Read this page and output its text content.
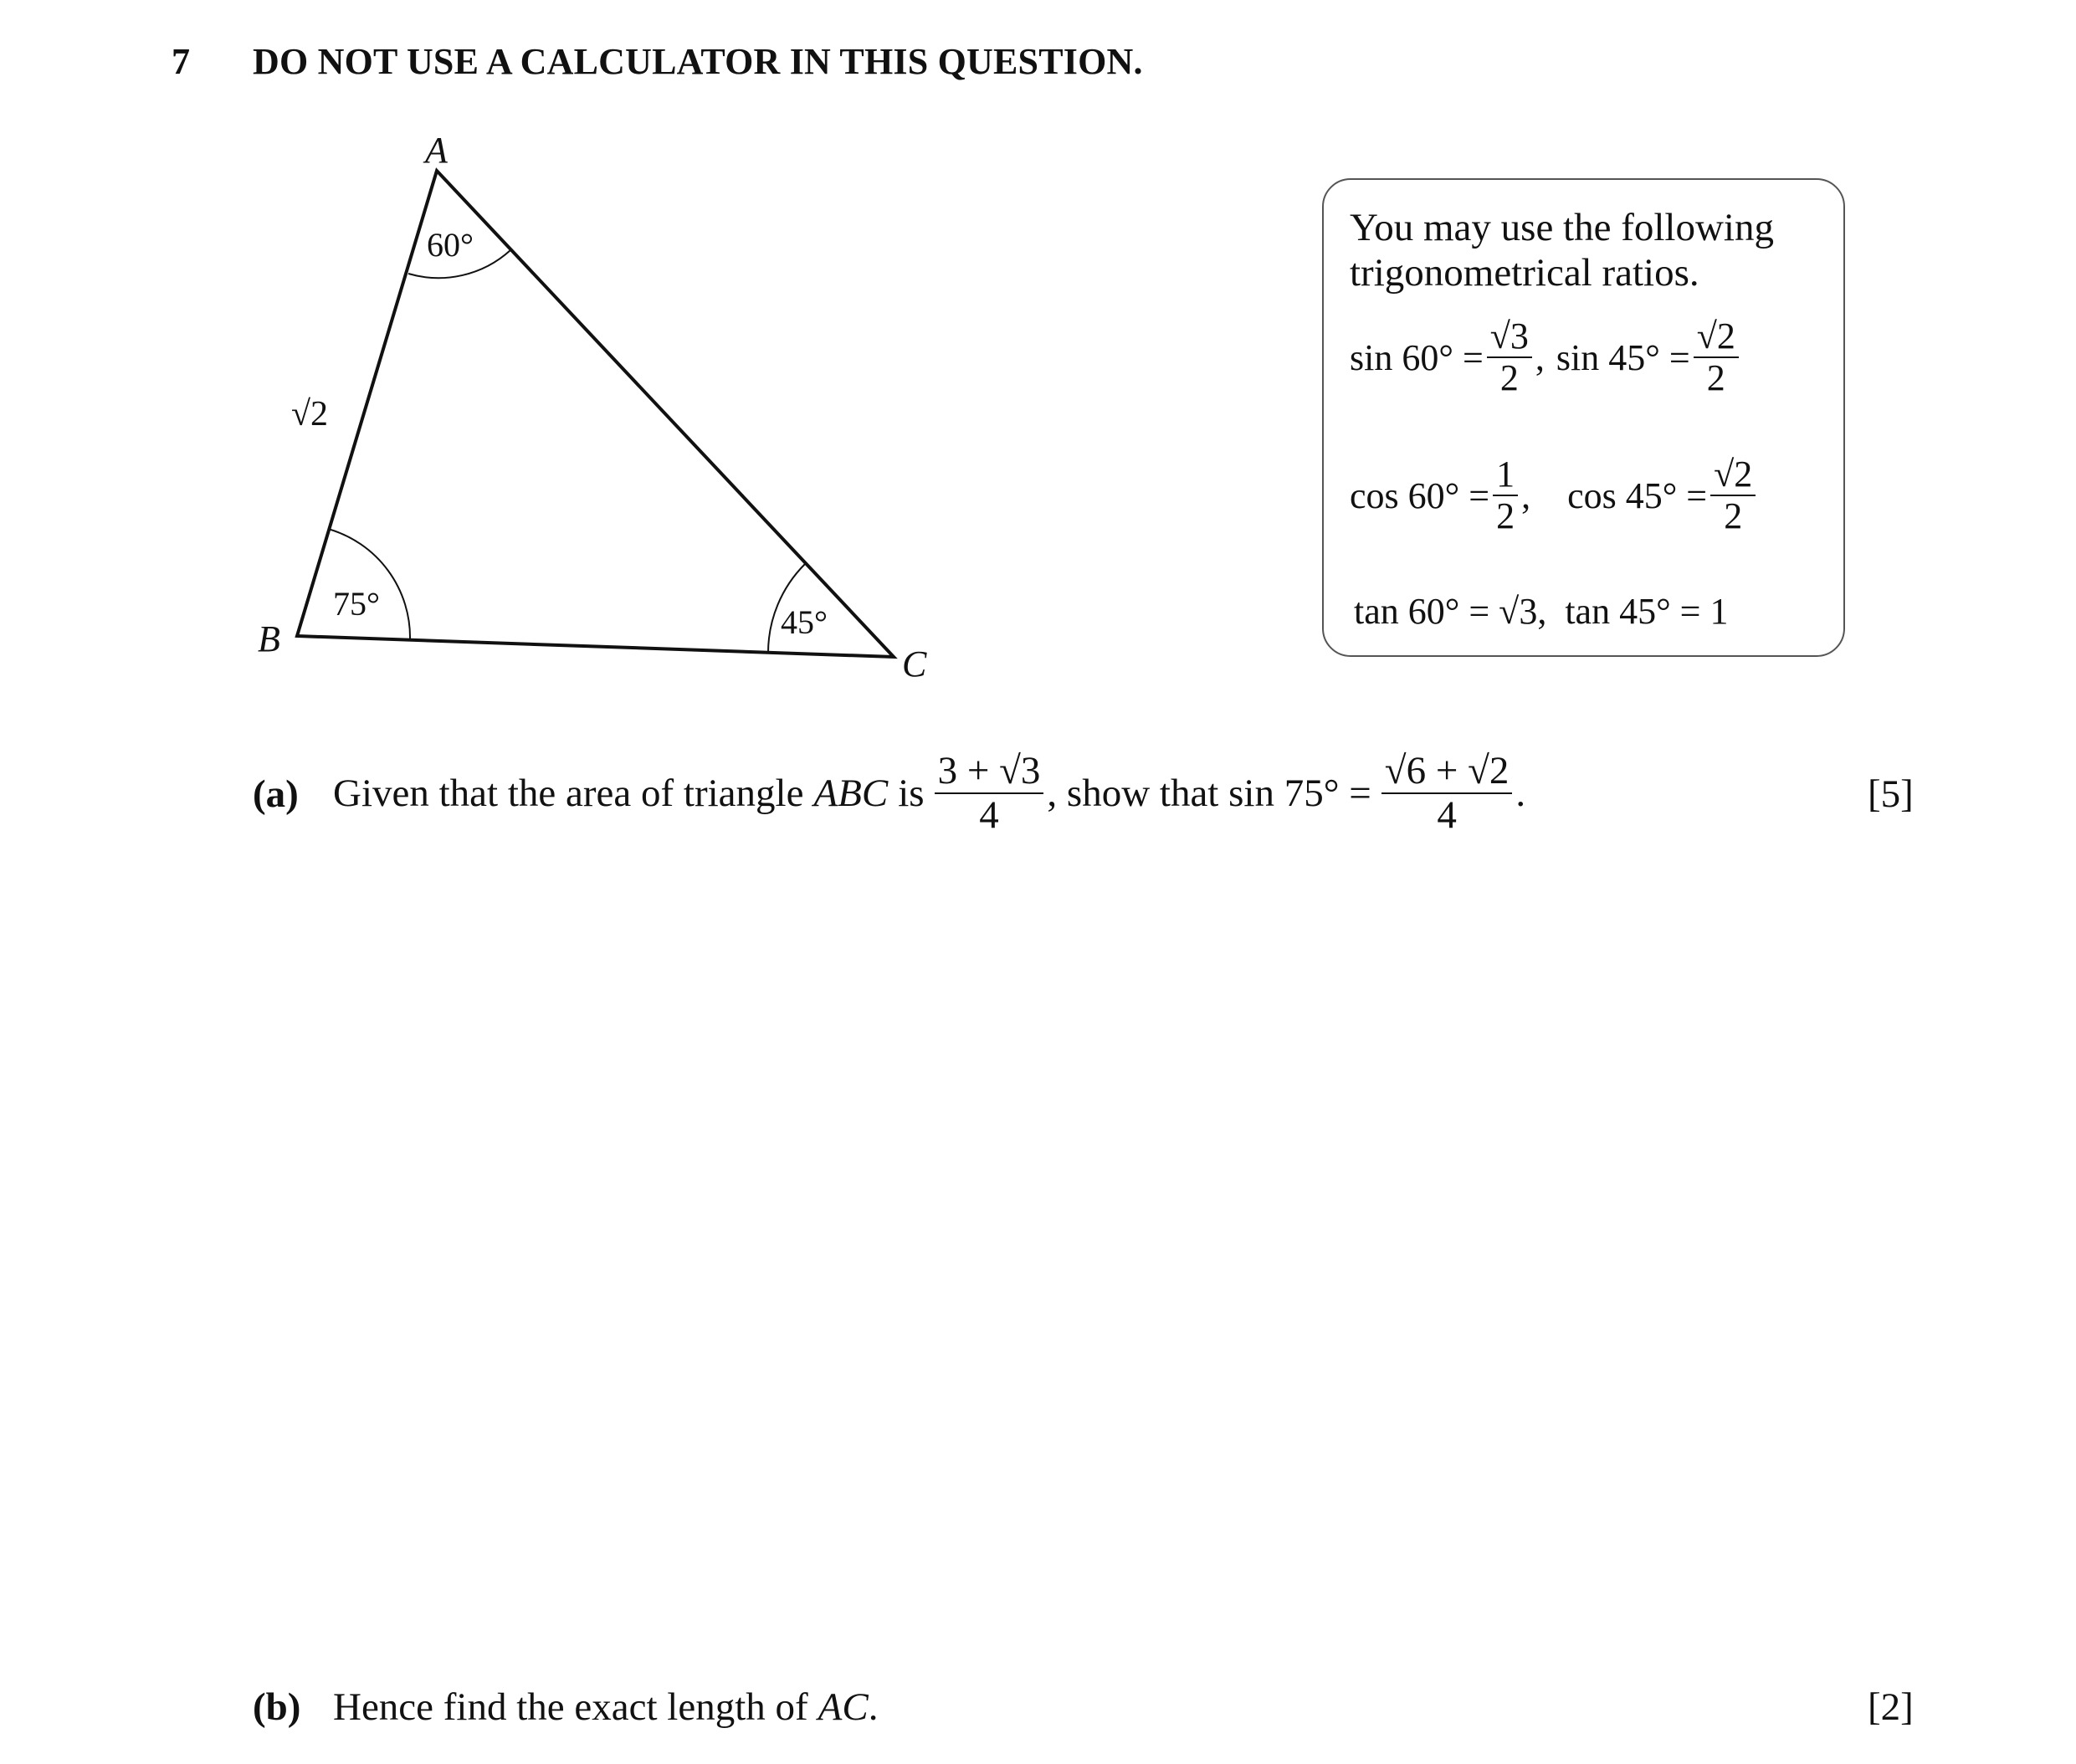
7 DO NOT USE A CALCULATOR IN THIS QUESTION.
A
B
C
60°
75°	45°
√2
You may use the following trigonometrical ratios.
$\sin 60^\circ = \frac{√3}{2}$ , $\sin 45^\circ = \frac{√2}{2}$
$\cos 60^\circ = \frac{1}{2}$ , $\cos 45^\circ = \frac{√2}{2}$
tan 60° = √3,  tan 45° = 1
(a) Given that the area of triangle ABC is $\frac{3 + √3}{4}$ , show that $\sin 75^\circ = \frac{√6 + √2}{4}$ .	[5]
(b) Hence find the exact length of AC .	[2]
